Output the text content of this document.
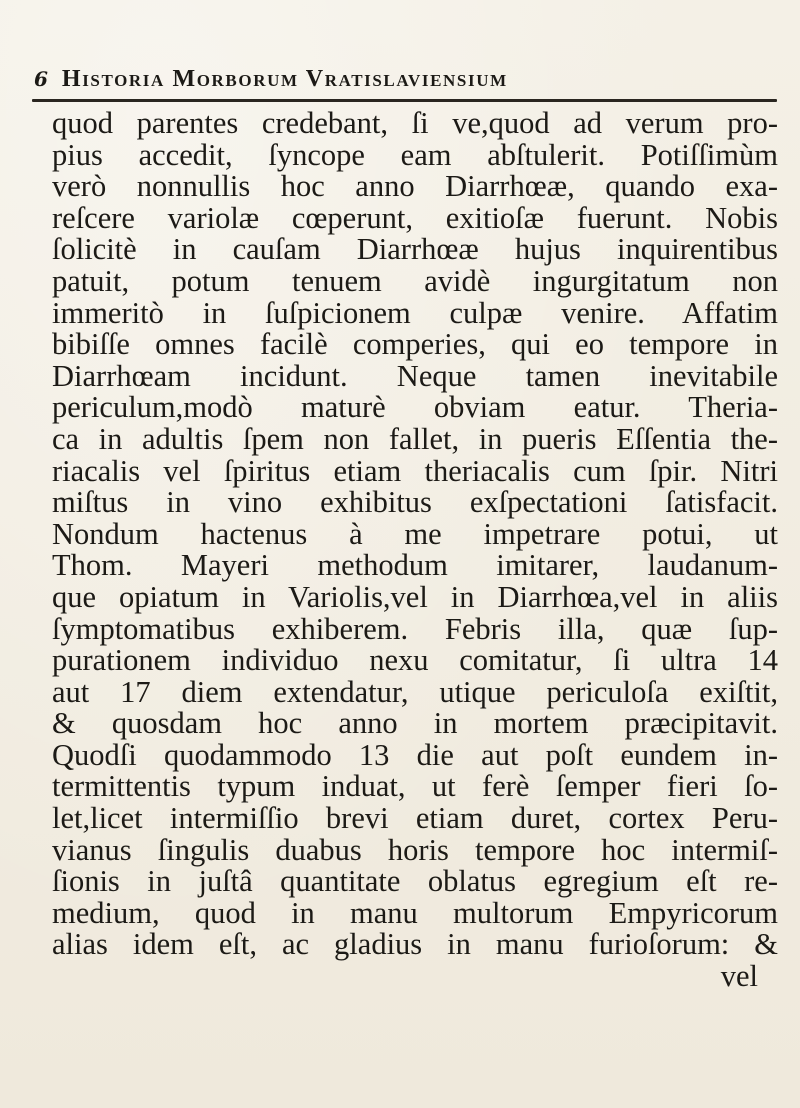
6 Historia Morborum Vratislaviensium
quod parentes credebant, ſi ve,quod ad verum pro-
pius accedit, ſyncope eam abſtulerit. Potiſſimùm
verò nonnullis hoc anno Diarrhœæ, quando exa-
reſcere variolæ cœperunt, exitioſæ fuerunt. Nobis
ſolicitè in cauſam Diarrhœæ hujus inquirentibus
patuit, potum tenuem avidè ingurgitatum non
immeritò in ſuſpicionem culpæ venire. Affatim
bibiſſe omnes facilè comperies, qui eo tempore in
Diarrhœam incidunt. Neque tamen inevitabile
periculum,modò maturè obviam eatur. Theria-
ca in adultis ſpem non fallet, in pueris Eſſentia the-
riacalis vel ſpiritus etiam theriacalis cum ſpir. Nitri
miſtus in vino exhibitus exſpectationi ſatisfacit.
Nondum hactenus à me impetrare potui, ut
Thom. Mayeri methodum imitarer, laudanum-
que opiatum in Variolis,vel in Diarrhœa,vel in aliis
ſymptomatibus exhiberem. Febris illa, quæ ſup-
purationem individuo nexu comitatur, ſi ultra 14
aut 17 diem extendatur, utique periculoſa exiſtit,
& quosdam hoc anno in mortem præcipitavit.
Quodſi quodammodo 13 die aut poſt eundem in-
termittentis typum induat, ut ferè ſemper fieri ſo-
let,licet intermiſſio brevi etiam duret, cortex Peru-
vianus ſingulis duabus horis tempore hoc intermiſ-
ſionis in juſtâ quantitate oblatus egregium eſt re-
medium, quod in manu multorum Empyricorum
alias idem eſt, ac gladius in manu furioſorum: &
vel
